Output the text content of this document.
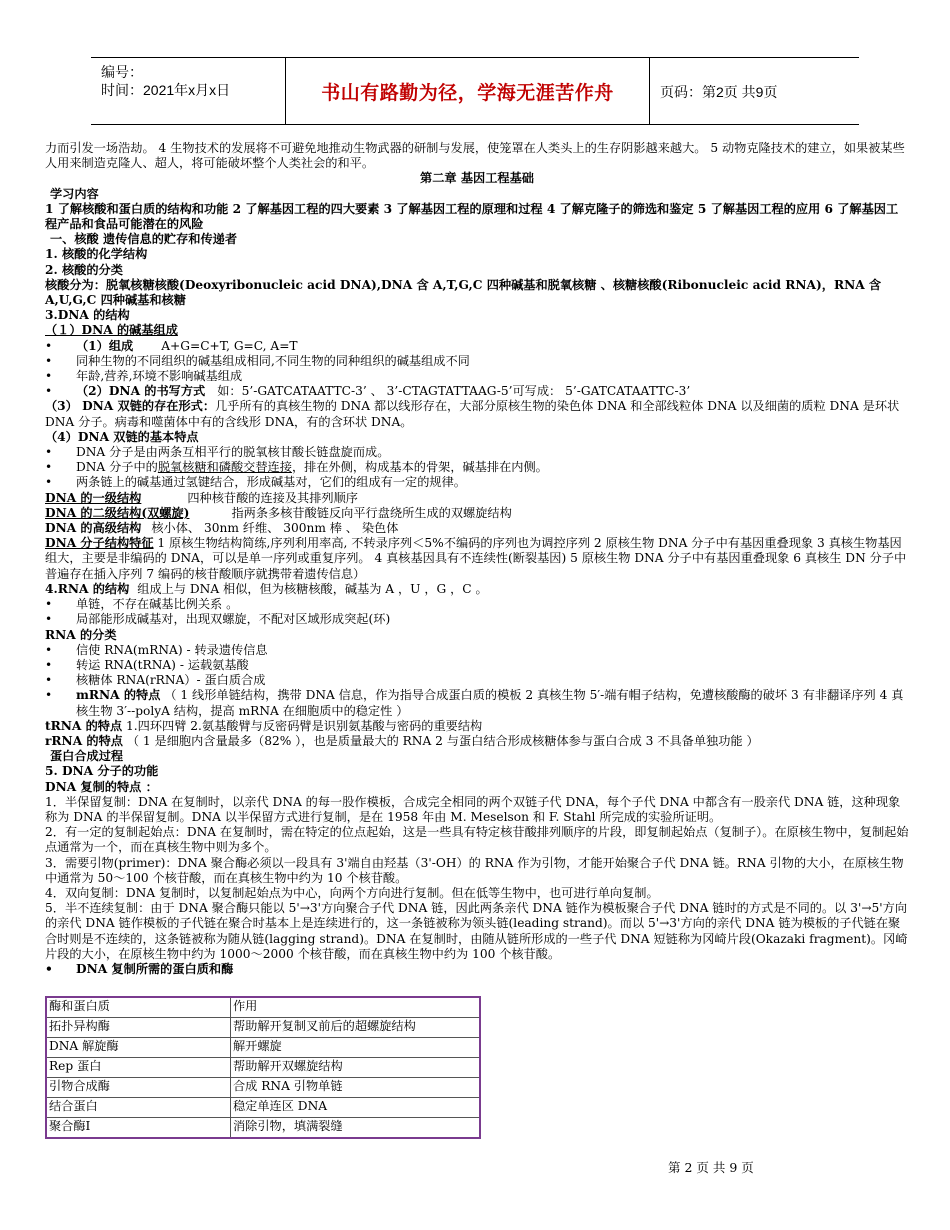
编号：
时间：2021年x月x日	书山有路勤为径，学海无涯苦作舟	页码：第2页 共9页

力而引发一场浩劫。 4 生物技术的发展将不可避免地推动生物武器的研制与发展，使笼罩在人类头上的生存阴影越来越大。 5 动物克隆技术的建立，如果被某些人用来制造克隆人、超人，将可能破坏整个人类社会的和平。

第二章 基因工程基础

学习内容

1 了解核酸和蛋白质的结构和功能 2 了解基因工程的四大要素 3 了解基因工程的原理和过程 4 了解克隆子的筛选和鉴定 5 了解基因工程的应用 6 了解基因工程产品和食品可能潜在的风险

一、核酸 遗传信息的贮存和传递者

1. 核酸的化学结构

2. 核酸的分类

核酸分为：脱氧核糖核酸(Deoxyribonucleic acid DNA),DNA 含 A,T,G,C 四种碱基和脱氧核糖 、核糖核酸(Ribonucleic acid RNA)，RNA 含 A,U,G,C 四种碱基和核糖

3.DNA 的结构

（１）DNA 的碱基组成

• （1）组成 A+G=C+T, G=C, A=T

• 同种生物的不同组织的碱基组成相同,不同生物的同种组织的碱基组成不同

• 年龄,营养,环境不影响碱基组成

• （2）DNA 的书写方式 如：5’-GATCATAATTC-3’ 、 3’-CTAGTATTAAG-5’可写成： 5’-GATCATAATTC-3’

（3） DNA 双链的存在形式：几乎所有的真核生物的 DNA 都以线形存在，大部分原核生物的染色体 DNA 和全部线粒体 DNA 以及细菌的质粒 DNA 是环状 DNA 分子。病毒和噬菌体中有的含线形 DNA，有的含环状 DNA。

（4）DNA 双链的基本特点

• DNA 分子是由两条互相平行的脱氧核甘酸长链盘旋而成。

• DNA 分子中的脱氧核糖和磷酸交替连接，排在外侧，构成基本的骨架，碱基排在内侧。

• 两条链上的碱基通过氢键结合，形成碱基对，它们的组成有一定的规律。

DNA 的一级结构	四种核苷酸的连接及其排列顺序

DNA 的二级结构(双螺旋)	指两条多核苷酸链反向平行盘绕所生成的双螺旋结构

DNA 的高级结构 核小体、 30nm 纤维、 300nm 棒 、 染色体

DNA 分子结构特征 1 原核生物结构简练,序列利用率高, 不转录序列＜5%不编码的序列也为调控序列 2 原核生物 DNA 分子中有基因重叠现象 3 真核生物基因组大，主要是非编码的 DNA，可以是单一序列或重复序列。 4 真核基因具有不连续性(断裂基因) 5 原核生物 DNA 分子中有基因重叠现象 6 真核生 DN 分子中普遍存在插入序列 7 编码的核苷酸顺序就携带着遗传信息）

4.RNA 的结构 组成上与 DNA 相似，但为核糖核酸，碱基为 A ，U ，G ，C 。

• 单链，不存在碱基比例关系 。

• 局部能形成碱基对，出现双螺旋，不配对区域形成突起(环)

RNA 的分类

• 信使 RNA(mRNA) - 转录遗传信息

• 转运 RNA(tRNA) - 运载氨基酸

• 核糖体 RNA(rRNA）- 蛋白质合成

• mRNA 的特点 （ 1 线形单链结构，携带 DNA 信息，作为指导合成蛋白质的模板 2 真核生物 5′-端有帽子结构，免遭核酸酶的破坏 3 有非翻译序列 4 真核生物 3′--polyA 结构，提高 mRNA 在细胞质中的稳定性 ）

tRNA 的特点 1.四环四臂 2.氨基酸臂与反密码臂是识别氨基酸与密码的重要结构

rRNA 的特点 （ 1 是细胞内含量最多（82% ），也是质量最大的 RNA 2 与蛋白结合形成核糖体参与蛋白合成 3 不具备单独功能 ）

蛋白合成过程

5. DNA 分子的功能

DNA 复制的特点 ：

1．半保留复制：DNA 在复制时，以亲代 DNA 的每一股作模板，合成完全相同的两个双链子代 DNA，每个子代 DNA 中都含有一股亲代 DNA 链，这种现象称为 DNA 的半保留复制。DNA 以半保留方式进行复制，是在 1958 年由 M. Meselson 和 F. Stahl 所完成的实验所证明。

2．有一定的复制起始点：DNA 在复制时，需在特定的位点起始，这是一些具有特定核苷酸排列顺序的片段，即复制起始点（复制子）。在原核生物中，复制起始点通常为一个，而在真核生物中则为多个。

3．需要引物(primer)：DNA 聚合酶必须以一段具有 3'端自由羟基（3'-OH）的 RNA 作为引物，才能开始聚合子代 DNA 链。RNA 引物的大小，在原核生物中通常为 50～100 个核苷酸，而在真核生物中约为 10 个核苷酸。

4．双向复制：DNA 复制时，以复制起始点为中心，向两个方向进行复制。但在低等生物中，也可进行单向复制。

5．半不连续复制：由于 DNA 聚合酶只能以 5'→3'方向聚合子代 DNA 链，因此两条亲代 DNA 链作为模板聚合子代 DNA 链时的方式是不同的。以 3'→5'方向的亲代 DNA 链作模板的子代链在聚合时基本上是连续进行的，这一条链被称为领头链(leading strand)。而以 5'→3'方向的亲代 DNA 链为模板的子代链在聚合时则是不连续的，这条链被称为随从链(lagging strand)。DNA 在复制时，由随从链所形成的一些子代 DNA 短链称为冈崎片段(Okazaki fragment)。冈崎片段的大小，在原核生物中约为 1000～2000 个核苷酸，而在真核生物中约为 100 个核苷酸。

• DNA 复制所需的蛋白质和酶

酶和蛋白质	作用
拓扑异构酶	帮助解开复制叉前后的超螺旋结构
DNA 解旋酶	解开螺旋
Rep 蛋白	帮助解开双螺旋结构
引物合成酶	合成 RNA 引物单链
结合蛋白	稳定单连区 DNA
聚合酶Ⅰ	消除引物，填满裂缝
第 2 页 共 9 页
